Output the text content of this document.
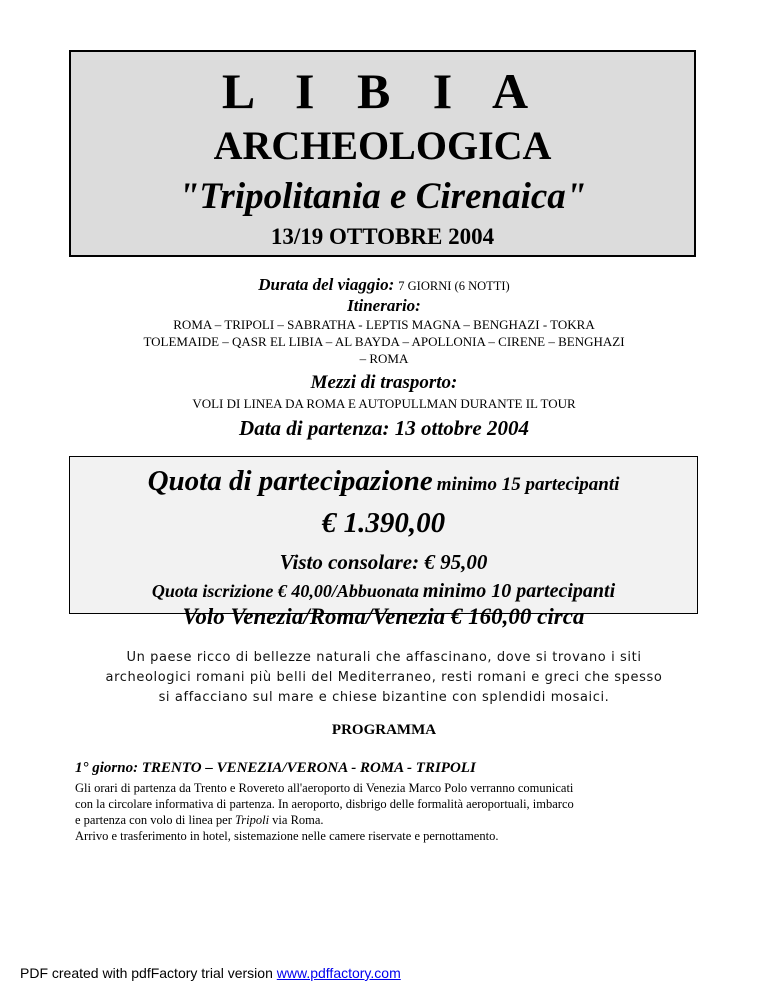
L I B I A
ARCHEOLOGICA
"Tripolitania e Cirenaica"
13/19 OTTOBRE 2004
Durata del viaggio: 7 GIORNI (6 NOTTI)
Itinerario:
ROMA – TRIPOLI – SABRATHA - LEPTIS MAGNA – BENGHAZI - TOKRA
TOLEMAIDE – QASR EL LIBIA – AL BAYDA – APOLLONIA – CIRENE – BENGHAZI
– ROMA
Mezzi di trasporto:
VOLI DI LINEA DA ROMA E AUTOPULLMAN DURANTE IL TOUR
Data di partenza: 13 ottobre 2004
Quota di partecipazione minimo 15 partecipanti
€ 1.390,00
Visto consolare: € 95,00
Quota iscrizione € 40,00/Abbuonata minimo 10 partecipanti
Volo Venezia/Roma/Venezia € 160,00 circa
Un paese ricco di bellezze naturali che affascinano, dove si trovano i siti
archeologici romani più belli del Mediterraneo, resti romani e greci che spesso
si affacciano sul mare e chiese bizantine con splendidi mosaici.
PROGRAMMA
1° giorno: TRENTO – VENEZIA/VERONA - ROMA - TRIPOLI
Gli orari di partenza da Trento e Rovereto all'aeroporto di Venezia Marco Polo verranno comunicati
con la circolare informativa di partenza. In aeroporto, disbrigo delle formalità aeroportuali, imbarco
e partenza con volo di linea per Tripoli via Roma.
Arrivo e trasferimento in hotel, sistemazione nelle camere riservate e pernottamento.
PDF created with pdfFactory trial version www.pdffactory.com
